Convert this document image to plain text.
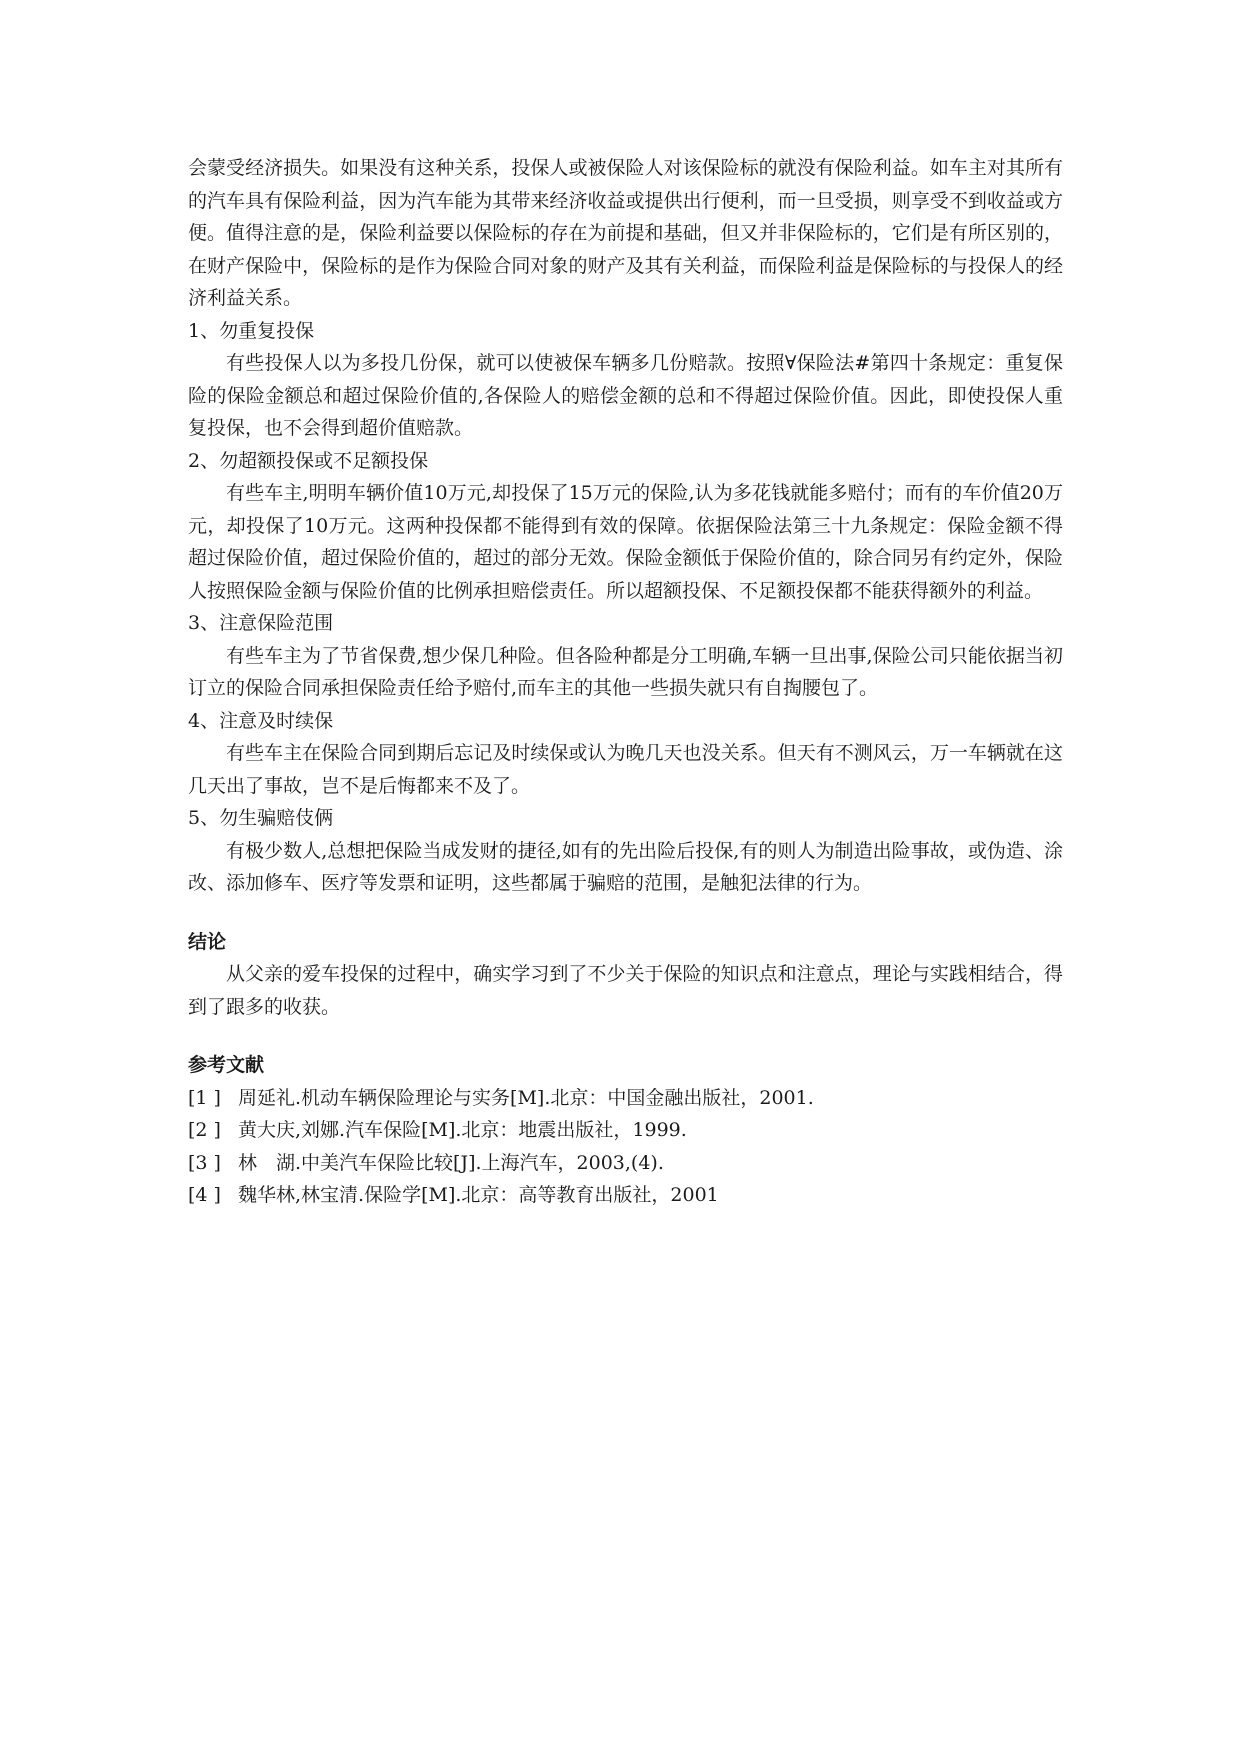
会蒙受经济损失。如果没有这种关系，投保人或被保险人对该保险标的就没有保险利益。如车主对其所有的汽车具有保险利益，因为汽车能为其带来经济收益或提供出行便利，而一旦受损，则享受不到收益或方便。值得注意的是，保险利益要以保险标的存在为前提和基础，但又并非保险标的，它们是有所区别的，在财产保险中，保险标的是作为保险合同对象的财产及其有关利益，而保险利益是保险标的与投保人的经济利益关系。

1、勿重复投保

有些投保人以为多投几份保，就可以使被保车辆多几份赔款。按照∀保险法#第四十条规定：重复保险的保险金额总和超过保险价值的,各保险人的赔偿金额的总和不得超过保险价值。因此，即使投保人重复投保，也不会得到超价值赔款。

2、勿超额投保或不足额投保

有些车主,明明车辆价值10万元,却投保了15万元的保险,认为多花钱就能多赔付；而有的车价值20万元，却投保了10万元。这两种投保都不能得到有效的保障。依据保险法第三十九条规定：保险金额不得超过保险价值，超过保险价值的，超过的部分无效。保险金额低于保险价值的，除合同另有约定外，保险人按照保险金额与保险价值的比例承担赔偿责任。所以超额投保、不足额投保都不能获得额外的利益。

3、注意保险范围

有些车主为了节省保费,想少保几种险。但各险种都是分工明确,车辆一旦出事,保险公司只能依据当初订立的保险合同承担保险责任给予赔付,而车主的其他一些损失就只有自掏腰包了。

4、注意及时续保

有些车主在保险合同到期后忘记及时续保或认为晚几天也没关系。但天有不测风云，万一车辆就在这几天出了事故，岂不是后悔都来不及了。

5、勿生骗赔伎俩

有极少数人,总想把保险当成发财的捷径,如有的先出险后投保,有的则人为制造出险事故，或伪造、涂改、添加修车、医疗等发票和证明，这些都属于骗赔的范围，是触犯法律的行为。

结论

从父亲的爱车投保的过程中，确实学习到了不少关于保险的知识点和注意点，理论与实践相结合，得到了跟多的收获。

参考文献

[1 ] 周延礼.机动车辆保险理论与实务[M].北京：中国金融出版社，2001.
[2 ] 黄大庆,刘娜.汽车保险[M].北京：地震出版社，1999.
[3 ] 林　湖.中美汽车保险比较[J].上海汽车，2003,(4).
[4 ] 魏华林,林宝清.保险学[M].北京：高等教育出版社，2001
